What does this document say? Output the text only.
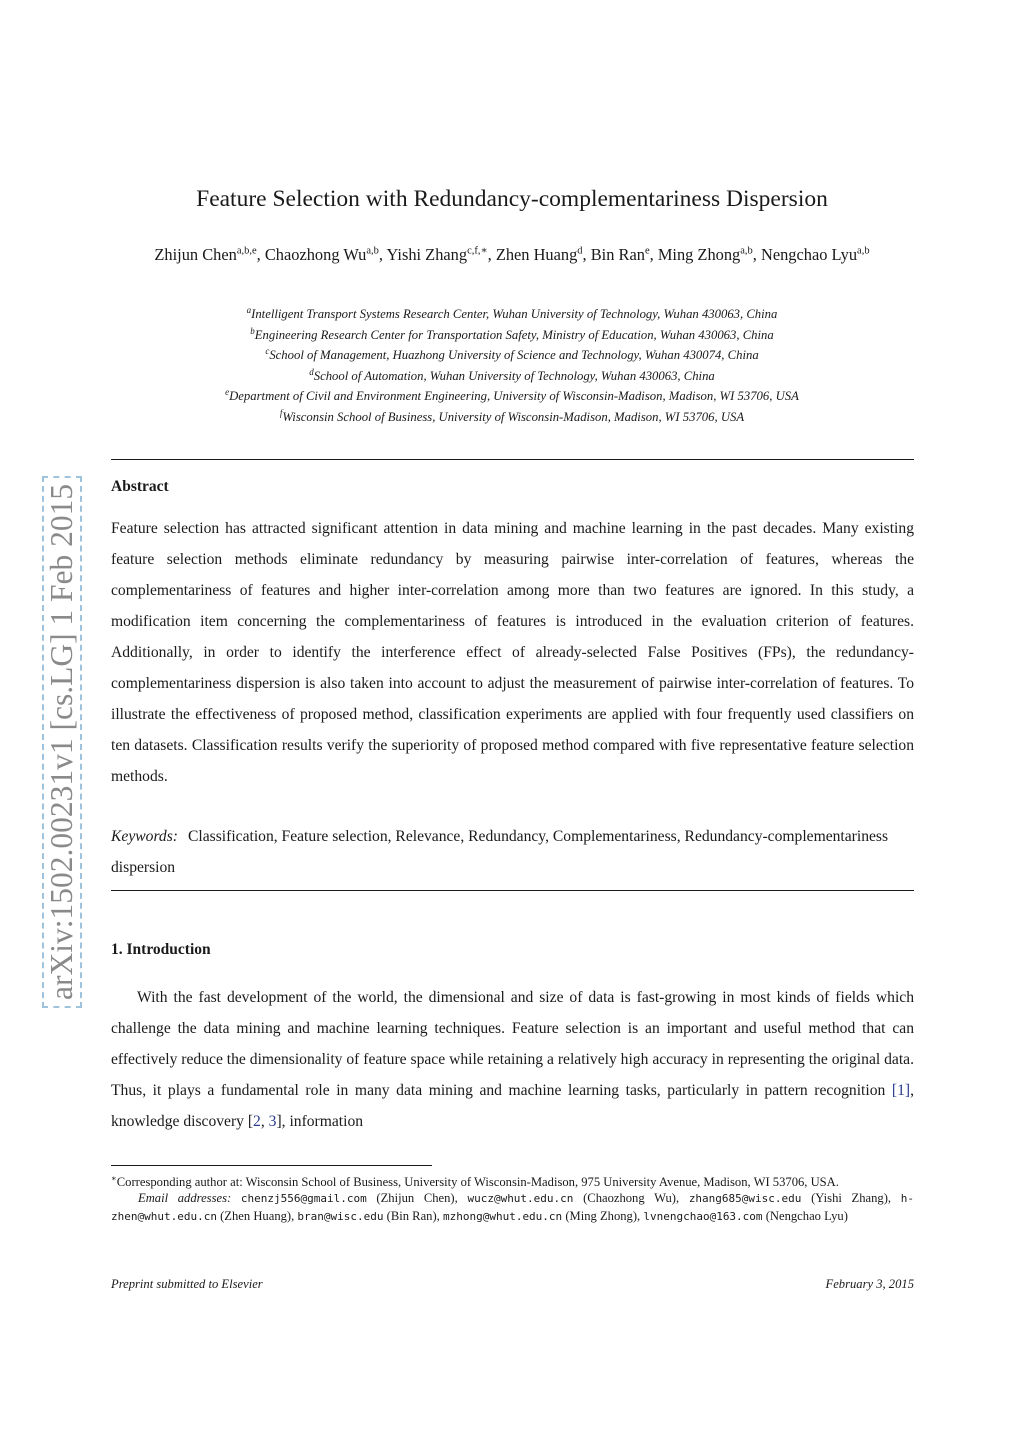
arXiv:1502.00231v1 [cs.LG] 1 Feb 2015
Feature Selection with Redundancy-complementariness Dispersion
Zhijun Chen$^{a,b,e}$, Chaozhong Wu$^{a,b}$, Yishi Zhang$^{c,f,∗}$, Zhen Huang$^d$, Bin Ran$^e$, Ming Zhong$^{a,b}$, Nengchao Lyu$^{a,b}$
$^a$Intelligent Transport Systems Research Center, Wuhan University of Technology, Wuhan 430063, China
$^b$Engineering Research Center for Transportation Safety, Ministry of Education, Wuhan 430063, China
$^c$School of Management, Huazhong University of Science and Technology, Wuhan 430074, China
$^d$School of Automation, Wuhan University of Technology, Wuhan 430063, China
$^e$Department of Civil and Environment Engineering, University of Wisconsin-Madison, Madison, WI 53706, USA
$^f$Wisconsin School of Business, University of Wisconsin-Madison, Madison, WI 53706, USA
Abstract

Feature selection has attracted significant attention in data mining and machine learning in the past decades. Many existing feature selection methods eliminate redundancy by measuring pairwise inter-correlation of features, whereas the complementariness of features and higher inter-correlation among more than two features are ignored. In this study, a modification item concerning the complementariness of features is introduced in the evaluation criterion of features. Additionally, in order to identify the interference effect of already-selected False Positives (FPs), the redundancy-complementariness dispersion is also taken into account to adjust the measurement of pairwise inter-correlation of features. To illustrate the effectiveness of proposed method, classification experiments are applied with four frequently used classifiers on ten datasets. Classification results verify the superiority of proposed method compared with five representative feature selection methods.

Keywords: Classification, Feature selection, Relevance, Redundancy, Complementariness, Redundancy-complementariness dispersion

1. Introduction

With the fast development of the world, the dimensional and size of data is fast-growing in most kinds of fields which challenge the data mining and machine learning techniques. Feature selection is an important and useful method that can effectively reduce the dimensionality of feature space while retaining a relatively high accuracy in representing the original data. Thus, it plays a fundamental role in many data mining and machine learning tasks, particularly in pattern recognition [1], knowledge discovery [2, 3], information

∗Corresponding author at: Wisconsin School of Business, University of Wisconsin-Madison, 975 University Avenue, Madison, WI 53706, USA.

Email addresses: chenzj556@gmail.com (Zhijun Chen), wucz@whut.edu.cn (Chaozhong Wu), zhang685@wisc.edu (Yishi Zhang), h-zhen@whut.edu.cn (Zhen Huang), bran@wisc.edu (Bin Ran), mzhong@whut.edu.cn (Ming Zhong), lvnengchao@163.com (Nengchao Lyu)

Preprint submitted to Elsevier	February 3, 2015
